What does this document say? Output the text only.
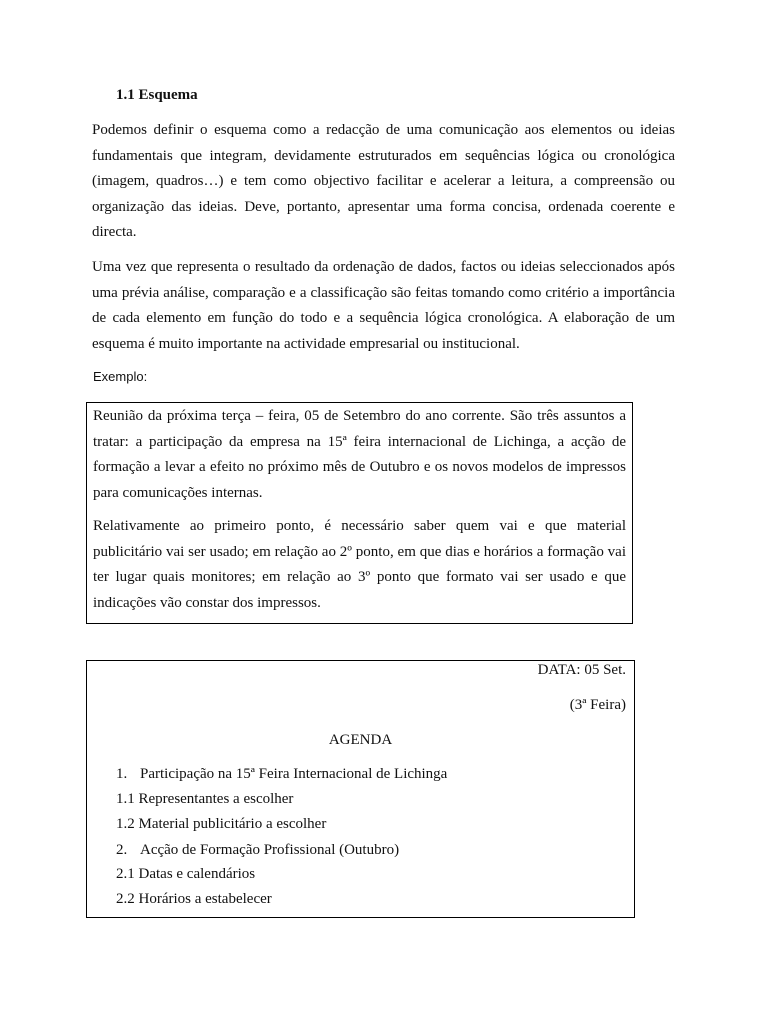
1.1 Esquema

Podemos definir o esquema como a redacção de uma comunicação aos elementos ou ideias fundamentais que integram, devidamente estruturados em sequências lógica ou cronológica (imagem, quadros…) e tem como objectivo facilitar e acelerar a leitura, a compreensão ou organização das ideias. Deve, portanto, apresentar uma forma concisa, ordenada coerente e directa.

Uma vez que representa o resultado da ordenação de dados, factos ou ideias seleccionados após uma prévia análise, comparação e a classificação são feitas tomando como critério a importância de cada elemento em função do todo e a sequência lógica cronológica. A elaboração de um esquema é muito importante na actividade empresarial ou institucional.

Exemplo:

Reunião da próxima terça – feira, 05 de Setembro do ano corrente. São três assuntos a tratar: a participação da empresa na 15ª feira internacional de Lichinga, a acção de formação a levar a efeito no próximo mês de Outubro e os novos modelos de impressos para comunicações internas.

Relativamente ao primeiro ponto, é necessário saber quem vai e que material publicitário vai ser usado; em relação ao 2º ponto, em que dias e horários a formação vai ter lugar quais monitores; em relação ao 3º ponto que formato vai ser usado e que indicações vão constar dos impressos.

DATA: 05 Set.
(3ª Feira)
AGENDA
1. Participação na 15ª Feira Internacional de Lichinga
1.1 Representantes a escolher
1.2 Material publicitário a escolher
2. Acção de Formação Profissional (Outubro)
2.1 Datas e calendários
2.2 Horários a estabelecer
